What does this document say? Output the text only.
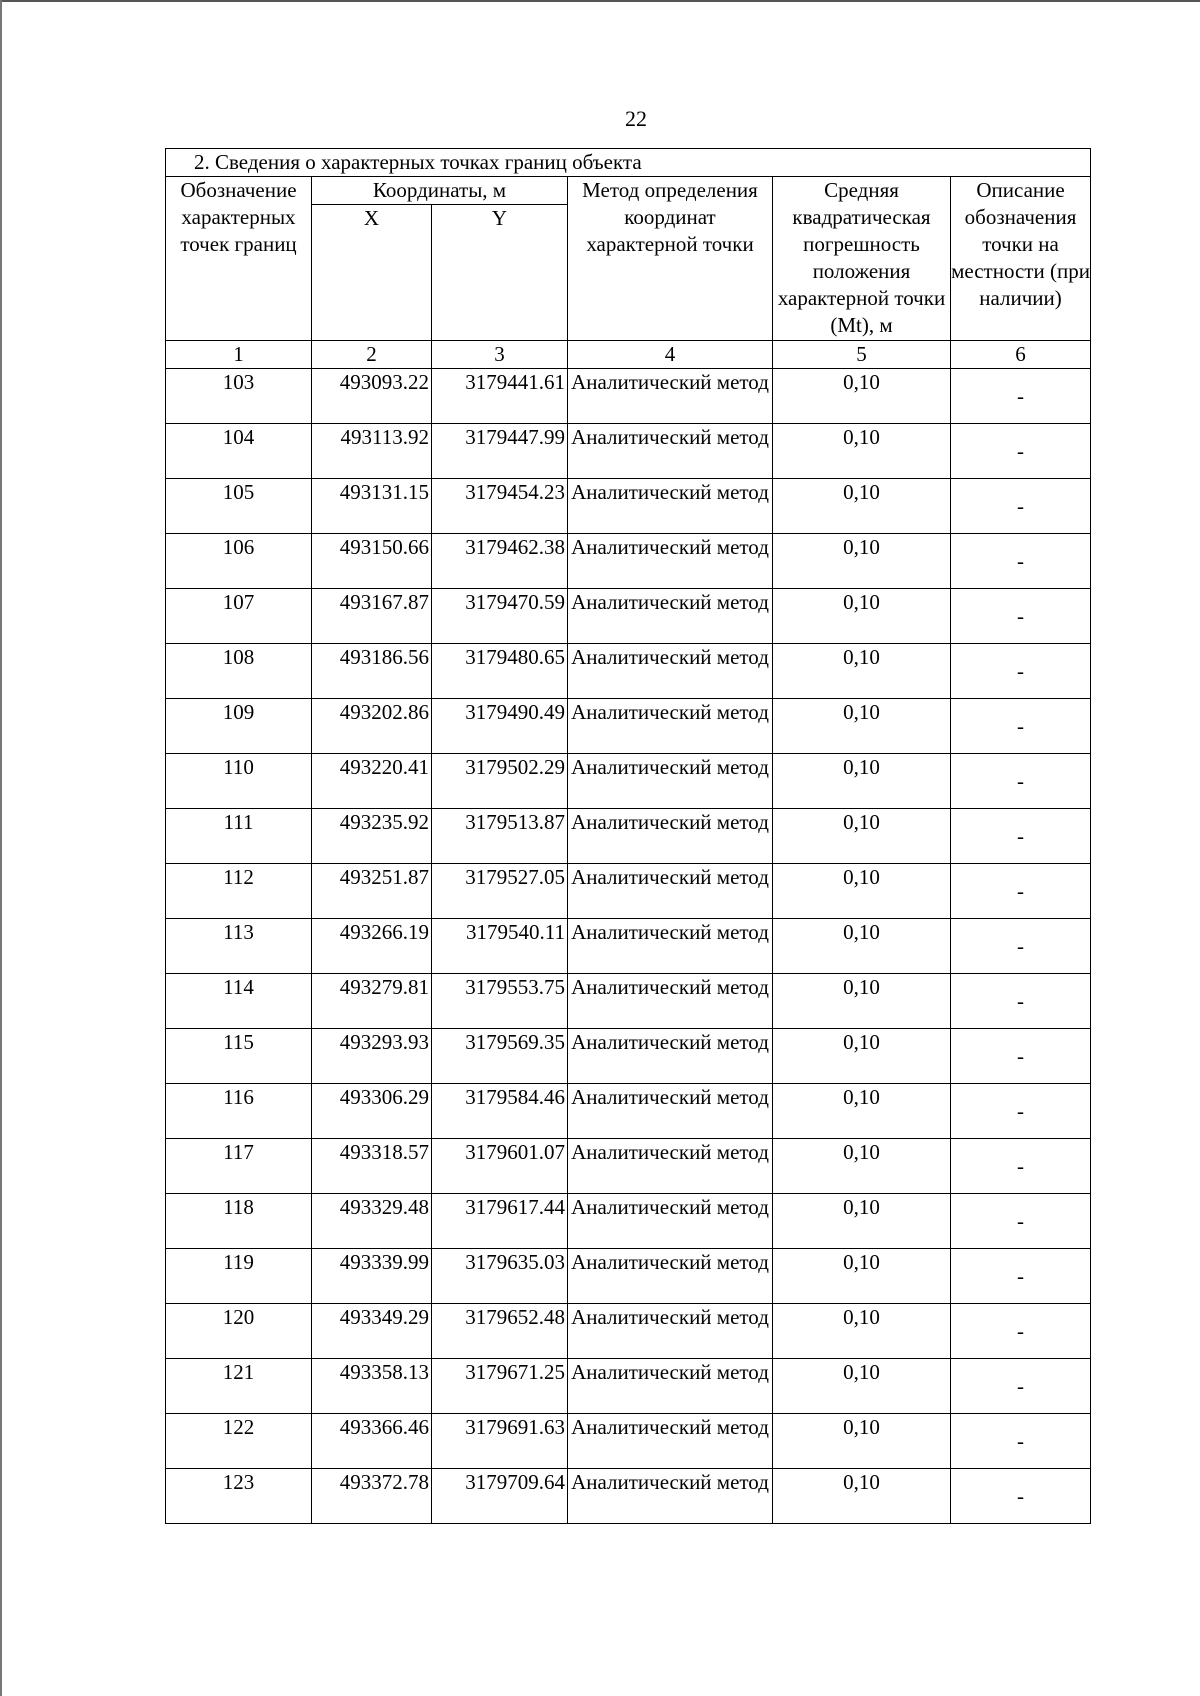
22
2. Сведения о характерных точках границ объекта					
Обозначение характерных точек границ	Координаты, м		Метод определения координат характерной точки	Средняя квадратическая погрешность положения характерной точки (Mt), м	Описание обозначения точки на местности (при наличии)
	X	Y			
1	2	3	4	5	6
103	493093.22	3179441.61	Аналитический метод	0,10	-
104	493113.92	3179447.99	Аналитический метод	0,10	-
105	493131.15	3179454.23	Аналитический метод	0,10	-
106	493150.66	3179462.38	Аналитический метод	0,10	-
107	493167.87	3179470.59	Аналитический метод	0,10	-
108	493186.56	3179480.65	Аналитический метод	0,10	-
109	493202.86	3179490.49	Аналитический метод	0,10	-
110	493220.41	3179502.29	Аналитический метод	0,10	-
111	493235.92	3179513.87	Аналитический метод	0,10	-
112	493251.87	3179527.05	Аналитический метод	0,10	-
113	493266.19	3179540.11	Аналитический метод	0,10	-
114	493279.81	3179553.75	Аналитический метод	0,10	-
115	493293.93	3179569.35	Аналитический метод	0,10	-
116	493306.29	3179584.46	Аналитический метод	0,10	-
117	493318.57	3179601.07	Аналитический метод	0,10	-
118	493329.48	3179617.44	Аналитический метод	0,10	-
119	493339.99	3179635.03	Аналитический метод	0,10	-
120	493349.29	3179652.48	Аналитический метод	0,10	-
121	493358.13	3179671.25	Аналитический метод	0,10	-
122	493366.46	3179691.63	Аналитический метод	0,10	-
123	493372.78	3179709.64	Аналитический метод	0,10	-
